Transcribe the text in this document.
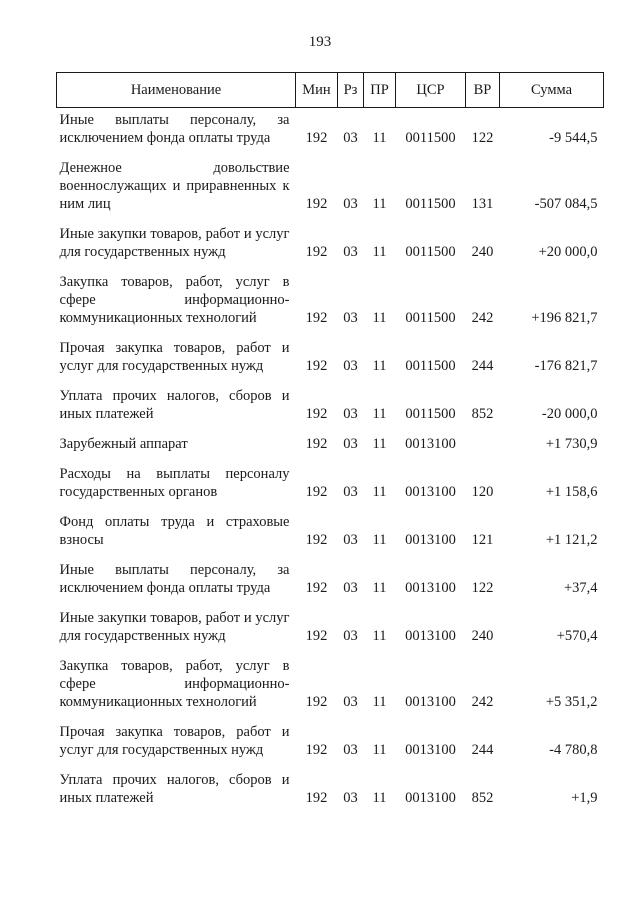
193
Наименование	Мин	Рз	ПР	ЦСР	ВР	Сумма
Иные выплаты персоналу, за исключением фонда оплаты труда	192	03	11	0011500	122	-9 544,5
Денежное довольствие военнослужащих и приравненных к ним лиц	192	03	11	0011500	131	-507 084,5
Иные закупки товаров, работ и услуг для государственных нужд	192	03	11	0011500	240	+20 000,0
Закупка товаров, работ, услуг в сфере информационно-коммуникационных технологий	192	03	11	0011500	242	+196 821,7
Прочая закупка товаров, работ и услуг для государственных нужд	192	03	11	0011500	244	-176 821,7
Уплата прочих налогов, сборов и иных платежей	192	03	11	0011500	852	-20 000,0
Зарубежный аппарат	192	03	11	0013100		+1 730,9
Расходы на выплаты персоналу государственных органов	192	03	11	0013100	120	+1 158,6
Фонд оплаты труда и страховые взносы	192	03	11	0013100	121	+1 121,2
Иные выплаты персоналу, за исключением фонда оплаты труда	192	03	11	0013100	122	+37,4
Иные закупки товаров, работ и услуг для государственных нужд	192	03	11	0013100	240	+570,4
Закупка товаров, работ, услуг в сфере информационно-коммуникационных технологий	192	03	11	0013100	242	+5 351,2
Прочая закупка товаров, работ и услуг для государственных нужд	192	03	11	0013100	244	-4 780,8
Уплата прочих налогов, сборов и иных платежей	192	03	11	0013100	852	+1,9
